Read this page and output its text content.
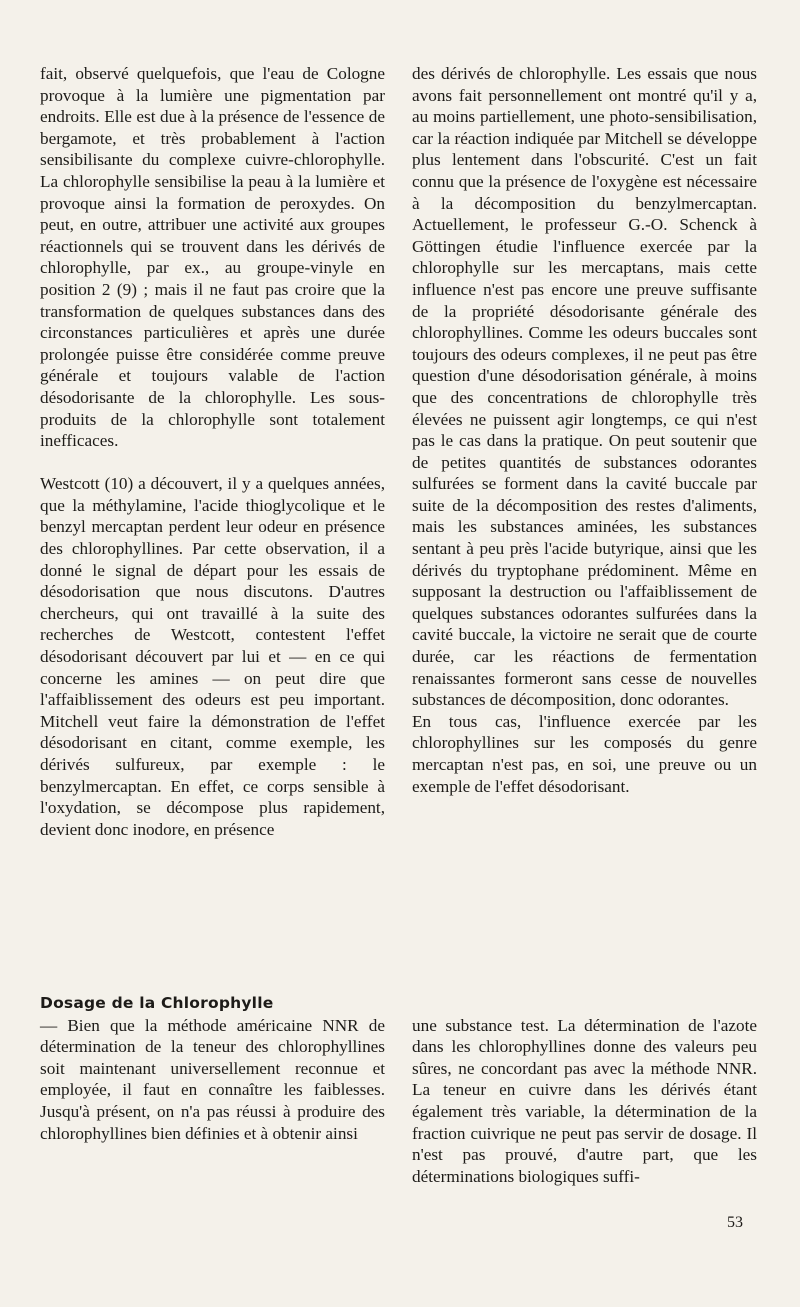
fait, observé quelquefois, que l'eau de Cologne provoque à la lumière une pigmentation par endroits. Elle est due à la présence de l'essence de bergamote, et très probablement à l'action sensibilisante du complexe cuivre-chlorophylle. La chlorophylle sensibilise la peau à la lumière et provoque ainsi la formation de peroxydes. On peut, en outre, attribuer une activité aux groupes réactionnels qui se trouvent dans les dérivés de chlorophylle, par ex., au groupe-vinyle en position 2 (9) ; mais il ne faut pas croire que la transformation de quelques substances dans des circonstances particulières et après une durée prolongée puisse être considérée comme preuve générale et toujours valable de l'action désodorisante de la chlorophylle. Les sous-produits de la chlorophylle sont totalement inefficaces.

Westcott (10) a découvert, il y a quelques années, que la méthylamine, l'acide thioglycolique et le benzyl mercaptan perdent leur odeur en présence des chlorophyllines. Par cette observation, il a donné le signal de départ pour les essais de désodorisation que nous discutons. D'autres chercheurs, qui ont travaillé à la suite des recherches de Westcott, contestent l'effet désodorisant découvert par lui et — en ce qui concerne les amines — on peut dire que l'affaiblissement des odeurs est peu important. Mitchell veut faire la démonstration de l'effet désodorisant en citant, comme exemple, les dérivés sulfureux, par exemple : le benzylmercaptan. En effet, ce corps sensible à l'oxydation, se décompose plus rapidement, devient donc inodore, en présence

des dérivés de chlorophylle. Les essais que nous avons fait personnellement ont montré qu'il y a, au moins partiellement, une photo-sensibilisation, car la réaction indiquée par Mitchell se développe plus lentement dans l'obscurité. C'est un fait connu que la présence de l'oxygène est nécessaire à la décomposition du benzylmercaptan. Actuellement, le professeur G.-O. Schenck à Göttingen étudie l'influence exercée par la chlorophylle sur les mercaptans, mais cette influence n'est pas encore une preuve suffisante de la propriété désodorisante générale des chlorophyllines. Comme les odeurs buccales sont toujours des odeurs complexes, il ne peut pas être question d'une désodorisation générale, à moins que des concentrations de chlorophylle très élevées ne puissent agir longtemps, ce qui n'est pas le cas dans la pratique. On peut soutenir que de petites quantités de substances odorantes sulfurées se forment dans la cavité buccale par suite de la décomposition des restes d'aliments, mais les substances aminées, les substances sentant à peu près l'acide butyrique, ainsi que les dérivés du tryptophane prédominent. Même en supposant la destruction ou l'affaiblissement de quelques substances odorantes sulfurées dans la cavité buccale, la victoire ne serait que de courte durée, car les réactions de fermentation renaissantes formeront sans cesse de nouvelles substances de décomposition, donc odorantes.

En tous cas, l'influence exercée par les chlorophyllines sur les composés du genre mercaptan n'est pas, en soi, une preuve ou un exemple de l'effet désodorisant.

Dosage de la Chlorophylle

— Bien que la méthode américaine NNR de détermination de la teneur des chlorophyllines soit maintenant universellement reconnue et employée, il faut en connaître les faiblesses. Jusqu'à présent, on n'a pas réussi à produire des chlorophyllines bien définies et à obtenir ainsi

une substance test. La détermination de l'azote dans les chlorophyllines donne des valeurs peu sûres, ne concordant pas avec la méthode NNR. La teneur en cuivre dans les dérivés étant également très variable, la détermination de la fraction cuivrique ne peut pas servir de dosage. Il n'est pas prouvé, d'autre part, que les déterminations biologiques suffi-

53
